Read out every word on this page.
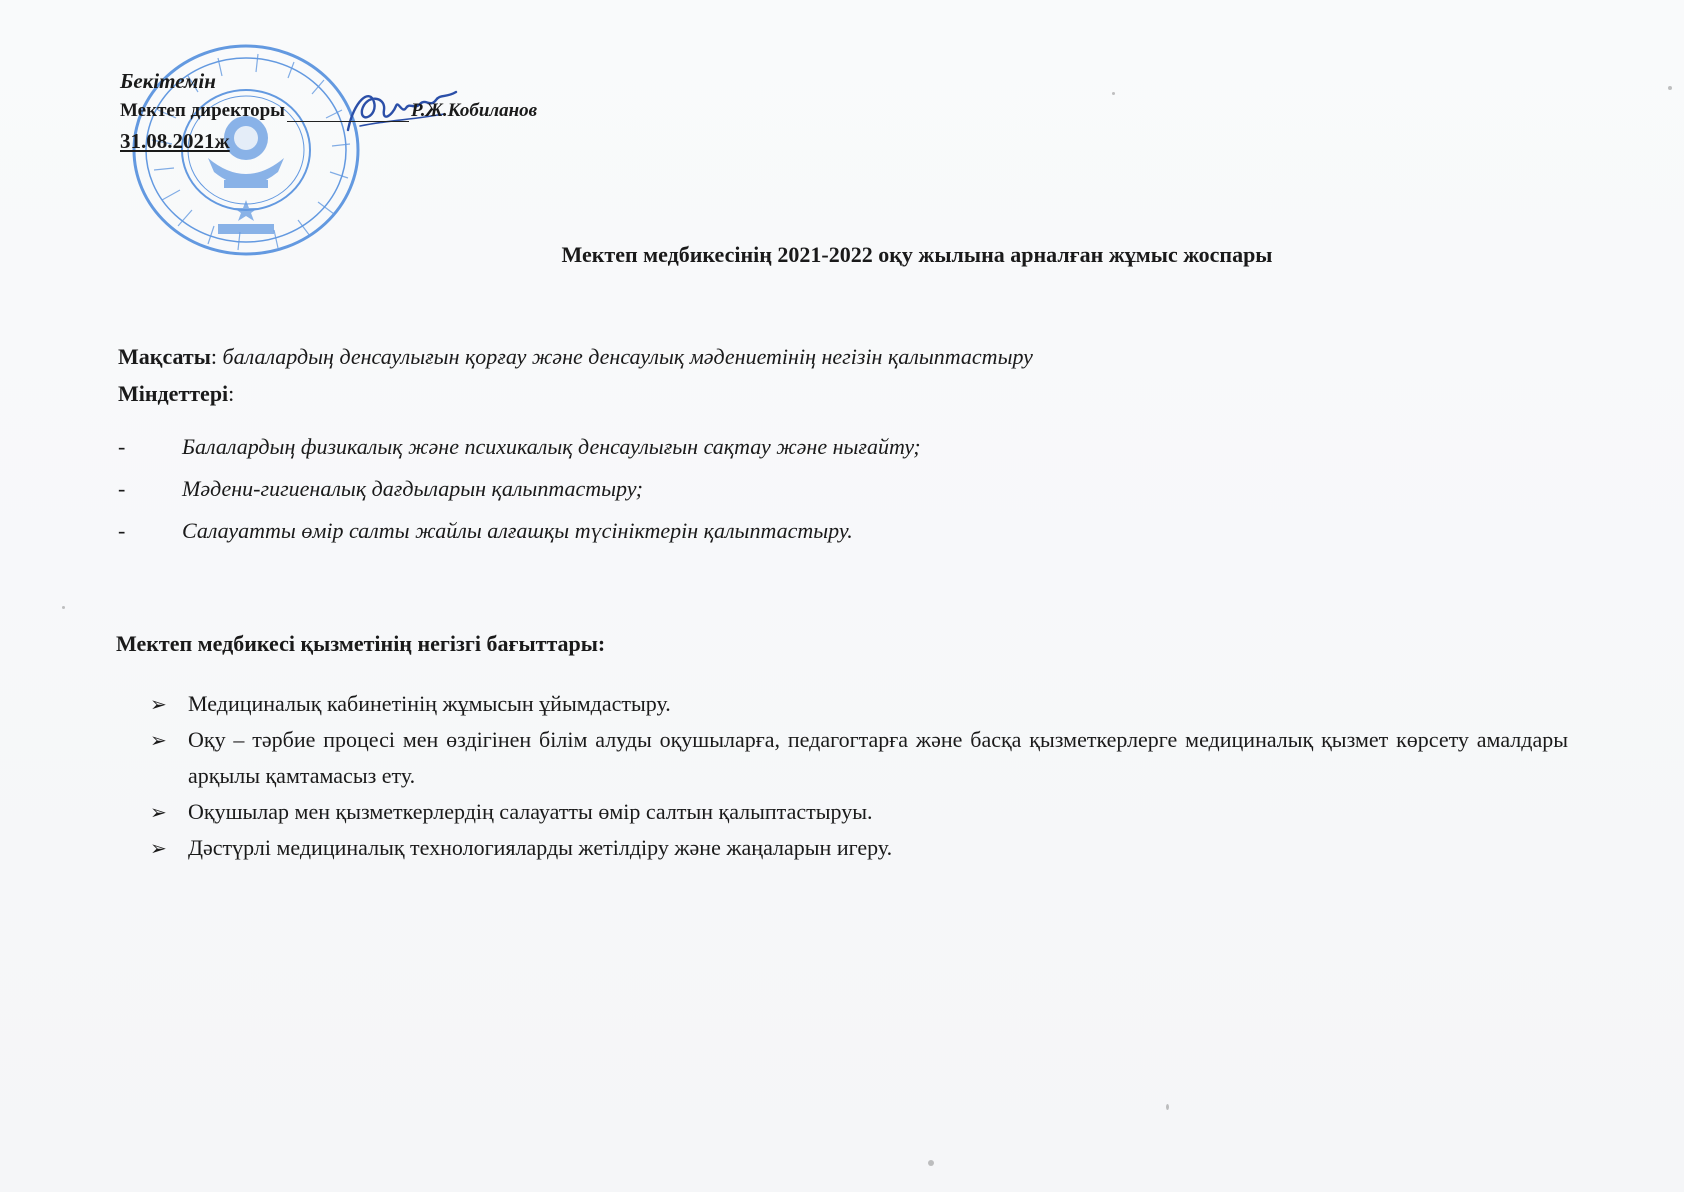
Бекітемін
Мектеп директоры	Р.Ж.Кобиланов
31.08.2021ж
Мектеп медбикесінің 2021-2022 оқу жылына арналған жұмыс жоспары
Мақсаты: балалардың денсаулығын қорғау және денсаулық мәдениетінің негізін қалыптастыру
Міндеттері:
-	Балалардың физикалық және психикалық денсаулығын сақтау және нығайту;
-	Мәдени-гигиеналық дағдыларын қалыптастыру;
-	Салауатты өмір салты жайлы алғашқы түсініктерін қалыптастыру.
Мектеп медбикесі қызметінің негізгі бағыттары:
➢ Медициналық кабинетінің жұмысын ұйымдастыру.
➢ Оқу – тәрбие процесі мен өздігінен білім алуды оқушыларға, педагогтарға және басқа қызметкерлерге медициналық қызмет көрсету амалдары арқылы қамтамасыз ету.
➢ Оқушылар мен қызметкерлердің салауатты өмір салтын қалыптастыруы.
➢ Дәстүрлі медициналық технологияларды жетілдіру және жаңаларын игеру.
